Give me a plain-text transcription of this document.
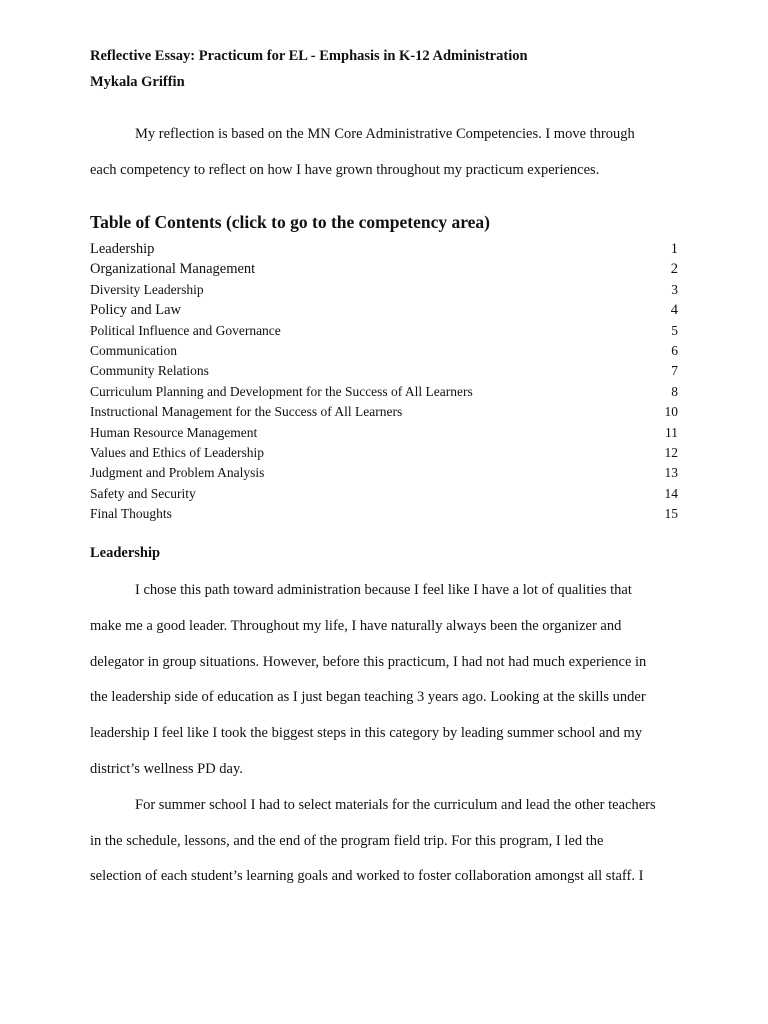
Reflective Essay: Practicum for EL - Emphasis in K-12 Administration
Mykala Griffin

My reflection is based on the MN Core Administrative Competencies. I move through

each competency to reflect on how I have grown throughout my practicum experiences.

Table of Contents (click to go to the competency area)
Leadership	1
Organizational Management	2
Diversity Leadership	3
Policy and Law	4
Political Influence and Governance	5
Communication	6
Community Relations	7
Curriculum Planning and Development for the Success of All Learners	8
Instructional Management for the Success of All Learners	10
Human Resource Management	11
Values and Ethics of Leadership	12
Judgment and Problem Analysis	13
Safety and Security	14
Final Thoughts	15
Leadership
I chose this path toward administration because I feel like I have a lot of qualities that
make me a good leader. Throughout my life, I have naturally always been the organizer and
delegator in group situations. However, before this practicum, I had not had much experience in
the leadership side of education as I just began teaching 3 years ago. Looking at the skills under
leadership I feel like I took the biggest steps in this category by leading summer school and my
district’s wellness PD day.
For summer school I had to select materials for the curriculum and lead the other teachers
in the schedule, lessons, and the end of the program field trip. For this program, I led the
selection of each student’s learning goals and worked to foster collaboration amongst all staff. I
